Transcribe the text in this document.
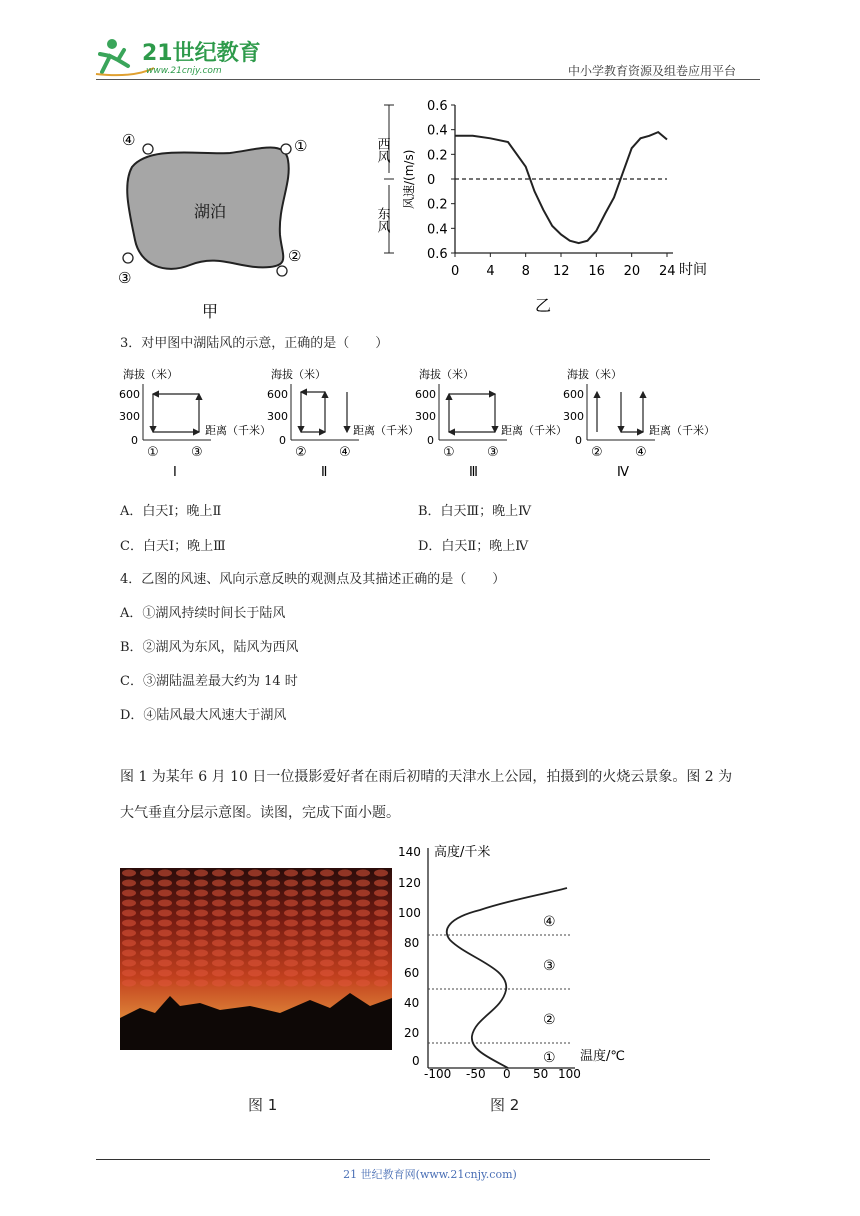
21世纪教育
www.21cnjy.com	中小学教育资源及组卷应用平台
湖泊
④	①
②
③
甲
0.6
0.4
0.2
0
0.2
0.4
0.6
0 4 8 12 16 20 24
风速/(m/s)
西风
东风
时间
乙
3．对甲图中湖陆风的示意，正确的是（　　）
海拔（米）
600
300
0
距离（千米）
① ③
Ⅰ
海拔（米）
600
300
0
距离（千米）
② ④
Ⅱ
海拔（米）
600
300
0
距离（千米）
① ③
Ⅲ
海拔（米）
600
300
0
距离（千米）
② ④
Ⅳ
A．白天Ⅰ；晚上Ⅱ	B．白天Ⅲ；晚上Ⅳ
C．白天Ⅰ；晚上Ⅲ	D．白天Ⅱ；晚上Ⅳ
4．乙图的风速、风向示意反映的观测点及其描述正确的是（　　）
A．①湖风持续时间长于陆风
B．②湖风为东风，陆风为西风
C．③湖陆温差最大约为 14 时
D．④陆风最大风速大于湖风
图 1 为某年 6 月 10 日一位摄影爱好者在雨后初晴的天津水上公园，拍摄到的火烧云景象。图 2 为
大气垂直分层示意图。读图，完成下面小题。
图 1
高度/千米
140
120
100
80
60
40
20
0
-100 -50 0 50 100
①
②
③
④
温度/℃
图 2
21 世纪教育网(www.21cnjy.com)
